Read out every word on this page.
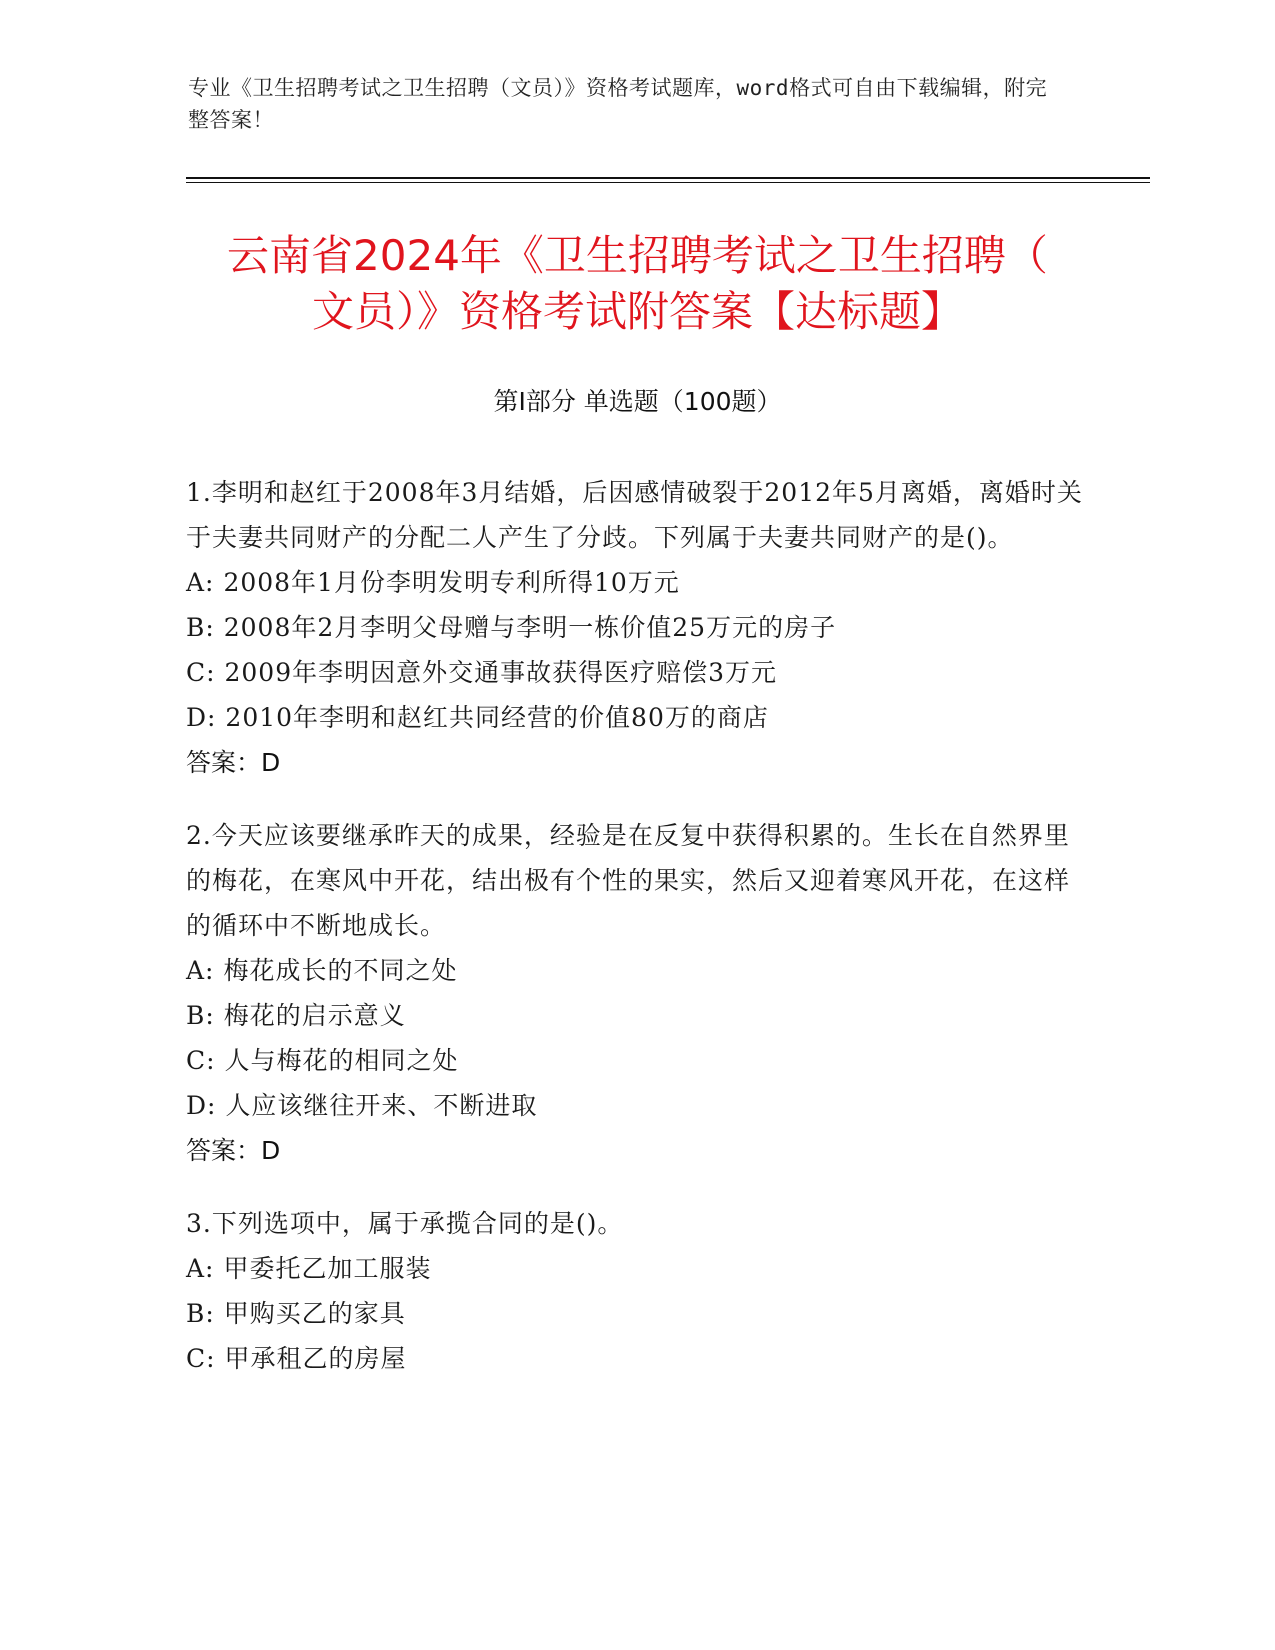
专业《卫生招聘考试之卫生招聘（文员）》资格考试题库，word格式可自由下载编辑，附完整答案！
云南省2024年《卫生招聘考试之卫生招聘（
文员）》资格考试附答案【达标题】
第I部分 单选题（100题）
1.李明和赵红于2008年3月结婚，后因感情破裂于2012年5月离婚，离婚时关于夫妻共同财产的分配二人产生了分歧。下列属于夫妻共同财产的是()。
A: 2008年1月份李明发明专利所得10万元
B: 2008年2月李明父母赠与李明一栋价值25万元的房子
C: 2009年李明因意外交通事故获得医疗赔偿3万元
D: 2010年李明和赵红共同经营的价值80万的商店
答案：D
2.今天应该要继承昨天的成果，经验是在反复中获得积累的。生长在自然界里的梅花，在寒风中开花，结出极有个性的果实，然后又迎着寒风开花，在这样的循环中不断地成长。
A: 梅花成长的不同之处
B: 梅花的启示意义
C: 人与梅花的相同之处
D: 人应该继往开来、不断进取
答案：D
3.下列选项中，属于承揽合同的是()。
A: 甲委托乙加工服装
B: 甲购买乙的家具
C: 甲承租乙的房屋
